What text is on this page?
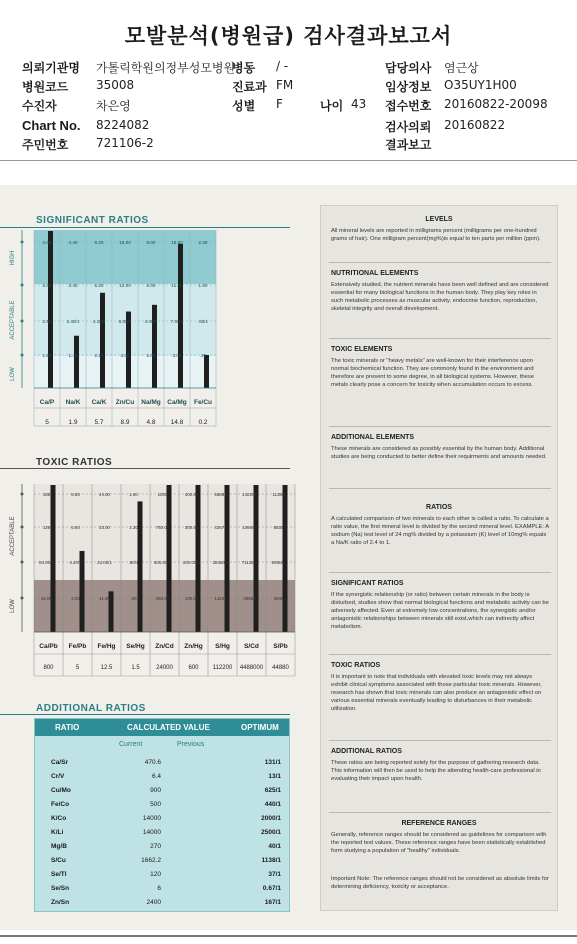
모발분석(병원급) 검사결과보고서
의뢰기관명 가톨릭학원의정부성모병원
병원코드 35008
수진자	차은영
Chart No. 8224082
주민번호 721106-2
병동 / -
진료과 FM
성별 F	나이 43
담당의사 염근상
임상정보 O35UY1H00
접수번호 20160822-20098
검사의뢰 20160822
결과보고
SIGNIFICANT RATIOS
HIGH
ACCEPTABLE
LOW
4.00
3.00
2.60
1.60
Ca/P
5
4.40
3.40
2.40/1
1.40
Na/K
1.9
8.20
6.20
4.20/1
2.20
Ca/K
5.7
16.00
12.00
8.00/1
4.00
Zn/Cu
8.9
8.00
6.00
4.00/1
2.00
Na/Mg
4.8
15.00
11.00
7.00/1
3.00
Ca/Mg
14.8
2.30
1.60
.90/1
.20
Fe/Cu
0.2
TOXIC RATIOS
ACCEPTABLE
LOW
168
128
84.00/1
42.00
Ca/Pb
800
8.85
6.60
4.40/1
2.20
Fe/Pb
5
44.00
33.00
22.00/1
11.00
Fe/Hg
12.5
1.60
1.20
.80/1
.40
Se/Hg
1.5
1000
750.00
500.00/1
250.00
Zn/Cd
24000
400.00
300.00
200.00/1
100.00
Zn/Hg
600
56885
42675
28450/1
14225
S/Hg
112200
142281
106688
71128/1
35564
S/Cd
4488000
11380
8535
5690/1
2845
S/Pb
44880
ADDITIONAL RATIOS
RATIO	CALCULATED VALUE	OPTIMUM
Current	Previous
Ca/Sr	470.6	131/1
Cr/V	6.4	13/1
Cu/Mo	900	625/1
Fe/Co	500	440/1
K/Co	14000	2000/1
K/Li	14000	2500/1
Mg/B	270	40/1
S/Cu	1662.2	1138/1
Se/Tl	120	37/1
Se/Sn	6	0.67/1
Zn/Sn	2400	167/1
LEVELS
All mineral levels are reported in milligrams percent (milligrams per one-hundred grams of hair). One milligram percent(mg%)is equal to ten parts per million (ppm).
NUTRITIONAL ELEMENTS
Extensively studied, the nutrient minerals have been well defined and are considered essential for many biological functions in the human body. They play key roles in such metabolic processes as muscular activity, endocrine function, reproduction, skeletal integrity and overall development.
TOXIC ELEMENTS
The toxic minerals or "heavy metals" are well-known for their interference upon normal biochemical function. They are commonly found in the environment and therefore are present to some degree, in all biological systems. However, these metals clearly pose a concern for toxicity when accumulation occurs to excess.
ADDITIONAL ELEMENTS
These minerals are considered as possibly essential by the human body. Additional studies are being conducted to better define their requirments and amounts needed.
RATIOS
A calculated comparison of two minerals to each other is called a ratio. To calculate a ratio value, the first mineral level is divided by the second mineral level. EXAMPLE: A sodium (Na) test level of 24 mg% divided by a potassium (K) level of 10mg% equals a Na/K ratio of 2.4 to 1.
SIGNIFICANT RATIOS
If the synergistic relationship (or ratio) between certain minerals in the body is disturbed, studies show that normal biological functions and metabolic activity can be adversely affected. Even at extremely low concentrations, the synergistic and/or antagonistic relationships between minerals still exist,which can indirectly affect metabolism.
TOXIC RATIOS
It is important to note that individuals with elevated toxic levels may not always exhibit clinical symptoms associated with those particular toxic minerals. However, research has shown that toxic minerals can also produce an antagonistic effect on various essential minerals eventually leading to disturbances in their metabolic utilization.
ADDITIONAL RATIOS
These ratios are being reported solely for the purpose of gathering research data. This information will then be used to help the attending health-care professional in evaluating their impact upon health.
REFERENCE RANGES
Generally, reference ranges should be considered as guidelines for comparison with the reported test values. These reference ranges have been statistically established form studying a population of "healthy" individuals.
Important Note: The reference ranges should not be considered as absolute limits for determining deficiency, toxicity or acceptance.
